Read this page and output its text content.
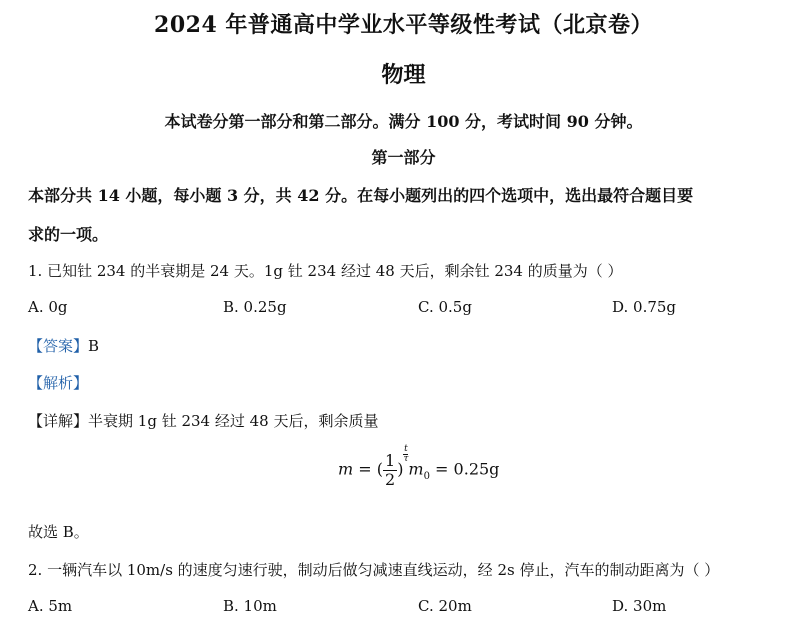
2024 年普通高中学业水平等级性考试（北京卷）
物理
本试卷分第一部分和第二部分。满分 100 分，考试时间 90 分钟。
第一部分
本部分共 14 小题，每小题 3 分，共 42 分。在每小题列出的四个选项中，选出最符合题目要
求的一项。
1. 已知钍 234 的半衰期是 24 天。1g 钍 234 经过 48 天后，剩余钍 234 的质量为（ ）
A. 0g	B. 0.25g	C. 0.5g	D. 0.75g
【答案】B
【解析】
【详解】半衰期 1g 钍 234 经过 48 天后，剩余质量
m = ( $\frac{1}{2}$ )
$\frac{t}{\tau}m_0 = 0.25g$
故选 B。
2. 一辆汽车以 10m/s 的速度匀速行驶，制动后做匀减速直线运动，经 2s 停止，汽车的制动距离为（ ）
A. 5m	B. 10m	C. 20m	D. 30m
